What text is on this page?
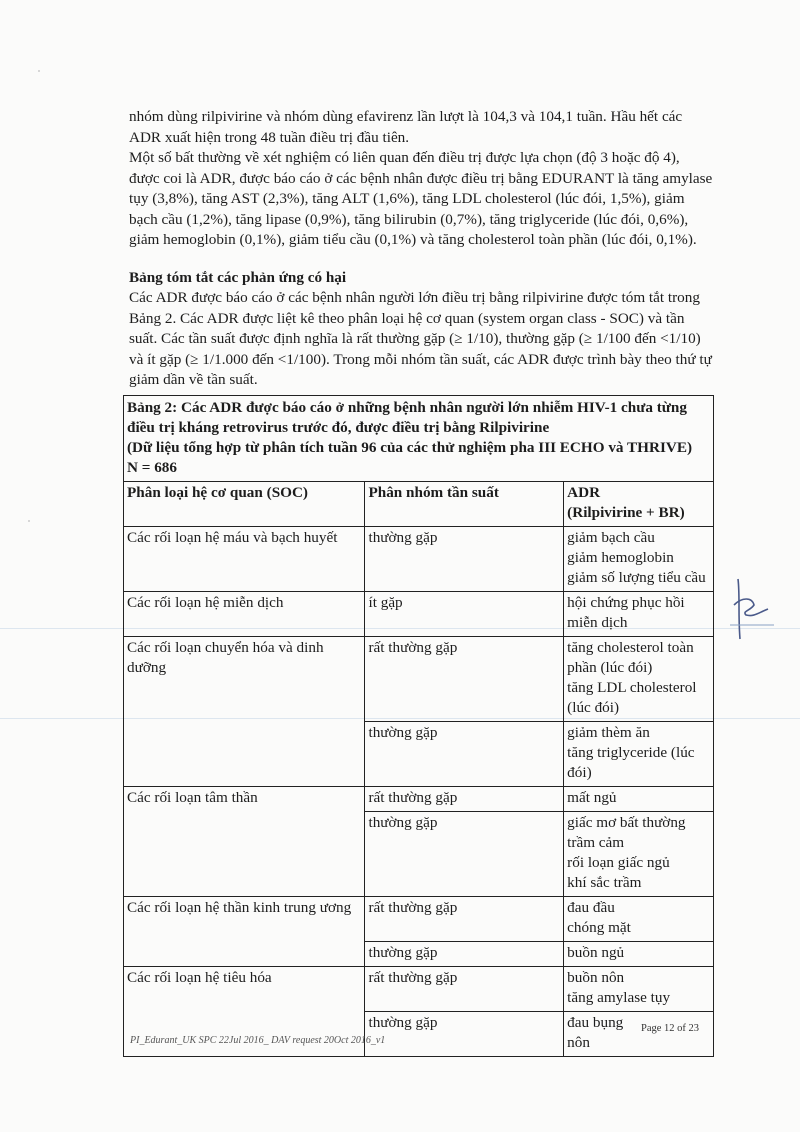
nhóm dùng rilpivirine và nhóm dùng efavirenz lần lượt là 104,3 và 104,1 tuần. Hầu hết các ADR xuất hiện trong 48 tuần điều trị đầu tiên.

Một số bất thường về xét nghiệm có liên quan đến điều trị được lựa chọn (độ 3 hoặc độ 4), được coi là ADR, được báo cáo ở các bệnh nhân được điều trị bằng EDURANT là tăng amylase tụy (3,8%), tăng AST (2,3%), tăng ALT (1,6%), tăng LDL cholesterol (lúc đói, 1,5%), giảm bạch cầu (1,2%), tăng lipase (0,9%), tăng bilirubin (0,7%), tăng triglyceride (lúc đói, 0,6%), giảm hemoglobin (0,1%), giảm tiểu cầu (0,1%) và tăng cholesterol toàn phần (lúc đói, 0,1%).

Bảng tóm tắt các phản ứng có hại

Các ADR được báo cáo ở các bệnh nhân người lớn điều trị bằng rilpivirine được tóm tắt trong Bảng 2. Các ADR được liệt kê theo phân loại hệ cơ quan (system organ class - SOC) và tần suất. Các tần suất được định nghĩa là rất thường gặp (≥ 1/10), thường gặp (≥ 1/100 đến <1/10) và ít gặp (≥ 1/1.000 đến <1/100). Trong mỗi nhóm tần suất, các ADR được trình bày theo thứ tự giảm dần về tần suất.

Bảng 2: Các ADR được báo cáo ở những bệnh nhân người lớn nhiễm HIV-1 chưa từng điều trị kháng retrovirus trước đó, được điều trị bằng Rilpivirine
(Dữ liệu tổng hợp từ phân tích tuần 96 của các thử nghiệm pha III ECHO và THRIVE)
N = 686		

Phân loại hệ cơ quan (SOC)	Phân nhóm tần suất	ADR
(Rilpivirine + BR)

Các rối loạn hệ máu và bạch huyết	thường gặp	giảm bạch cầu
giảm hemoglobin
giảm số lượng tiểu cầu

Các rối loạn hệ miễn dịch	ít gặp	hội chứng phục hồi miễn dịch

Các rối loạn chuyển hóa và dinh dưỡng	rất thường gặp	tăng cholesterol toàn phần (lúc đói)
tăng LDL cholesterol (lúc đói)

	thường gặp	giảm thèm ăn
tăng triglyceride (lúc đói)

Các rối loạn tâm thần	rất thường gặp	mất ngủ

	thường gặp	giấc mơ bất thường
trầm cảm
rối loạn giấc ngủ
khí sắc trầm

Các rối loạn hệ thần kinh trung ương	rất thường gặp	đau đầu
chóng mặt

	thường gặp	buồn ngủ

Các rối loạn hệ tiêu hóa	rất thường gặp	buồn nôn
tăng amylase tụy

	thường gặp	đau bụng
nôn
PI_Edurant_UK SPC 22Jul 2016_ DAV request 20Oct 2016_v1
Page 12 of 23
